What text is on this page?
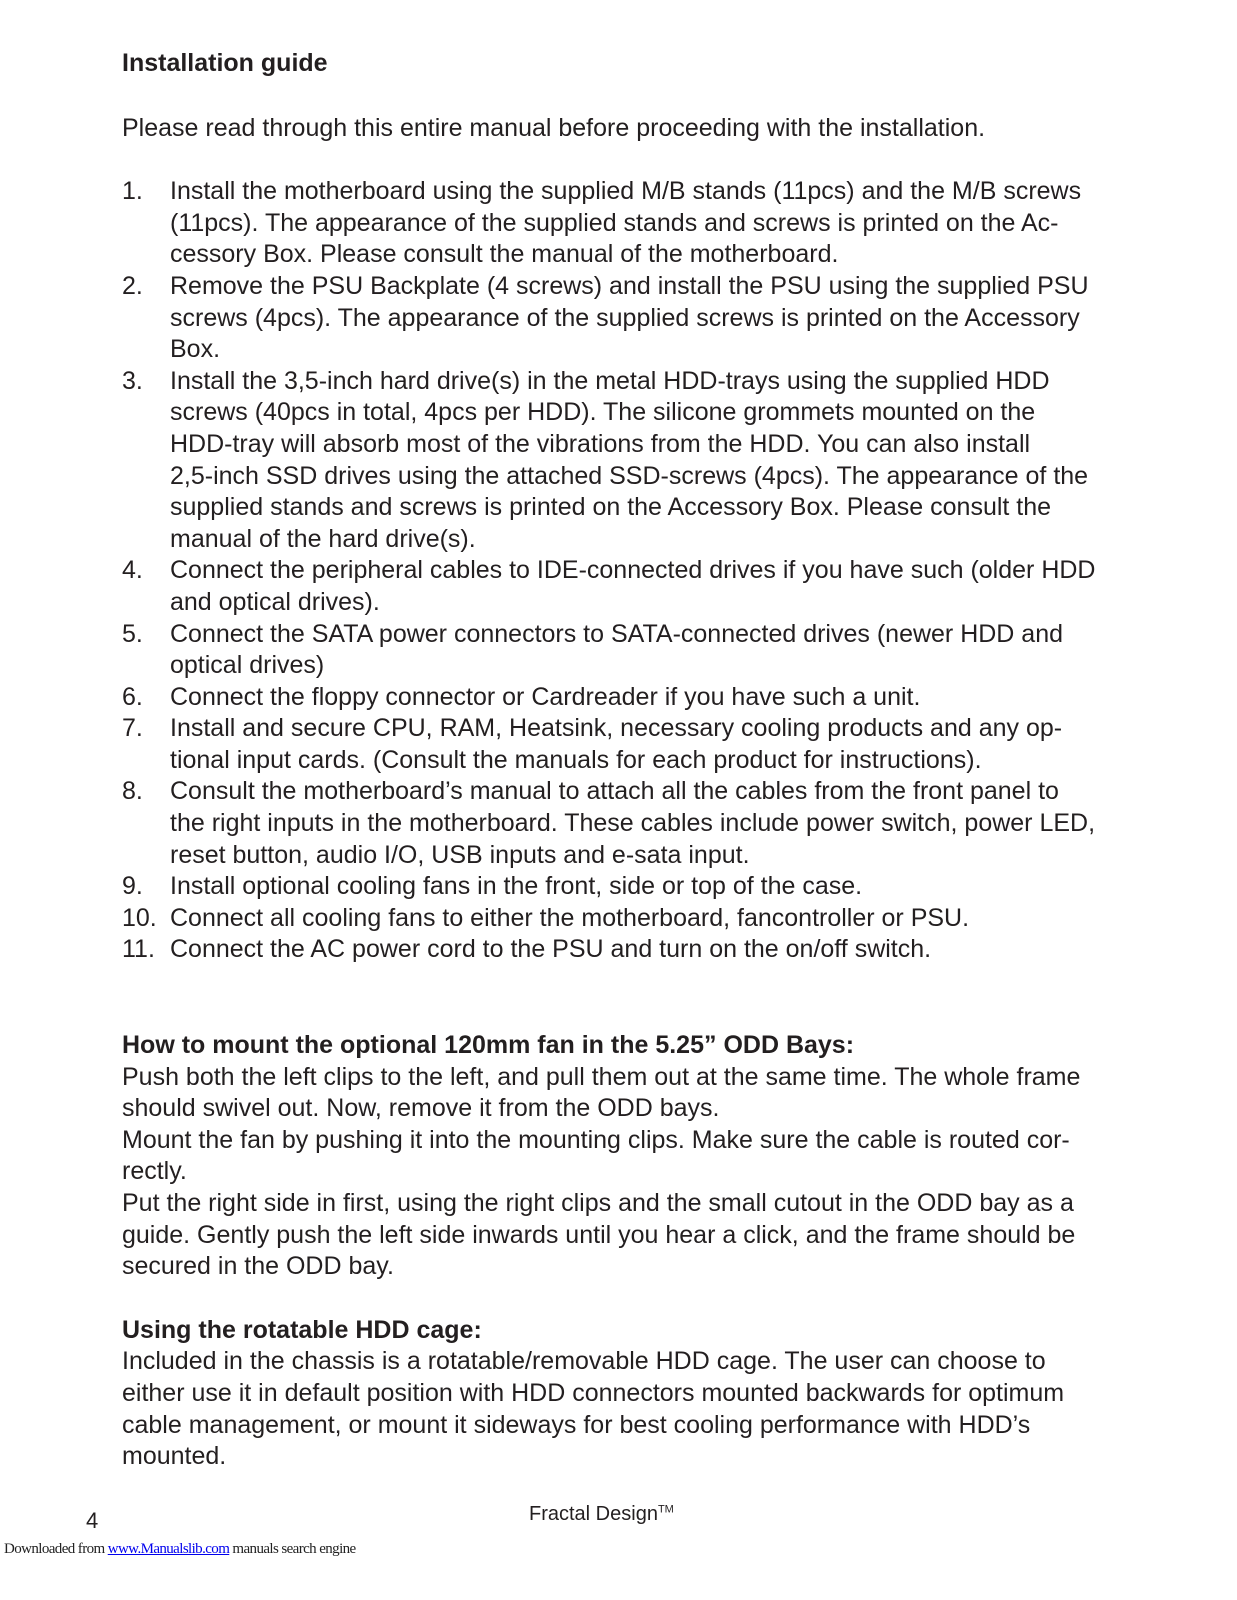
Installation guide

Please read through this entire manual before proceeding with the installation.

1. Install the motherboard using the supplied M/B stands (11pcs) and the M/B screws
(11pcs). The appearance of the supplied stands and screws is printed on the Ac-
cessory Box. Please consult the manual of the motherboard.
2. Remove the PSU Backplate (4 screws) and install the PSU using the supplied PSU
screws (4pcs). The appearance of the supplied screws is printed on the Accessory
Box.
3. Install the 3,5-inch hard drive(s) in the metal HDD-trays using the supplied HDD
screws (40pcs in total, 4pcs per HDD). The silicone grommets mounted on the
HDD-tray will absorb most of the vibrations from the HDD. You can also install
2,5-inch SSD drives using the attached SSD-screws (4pcs). The appearance of the
supplied stands and screws is printed on the Accessory Box. Please consult the
manual of the hard drive(s).
4. Connect the peripheral cables to IDE-connected drives if you have such (older HDD
and optical drives).
5. Connect the SATA power connectors to SATA-connected drives (newer HDD and
optical drives)
6. Connect the floppy connector or Cardreader if you have such a unit.
7. Install and secure CPU, RAM, Heatsink, necessary cooling products and any op-
tional input cards. (Consult the manuals for each product for instructions).
8. Consult the motherboard’s manual to attach all the cables from the front panel to
the right inputs in the motherboard. These cables include power switch, power LED,
reset button, audio I/O, USB inputs and e-sata input.
9. Install optional cooling fans in the front, side or top of the case.
10. Connect all cooling fans to either the motherboard, fancontroller or PSU.
11. Connect the AC power cord to the PSU and turn on the on/off switch.

How to mount the optional 120mm fan in the 5.25” ODD Bays:

Push both the left clips to the left, and pull them out at the same time. The whole frame
should swivel out. Now, remove it from the ODD bays.
Mount the fan by pushing it into the mounting clips. Make sure the cable is routed cor-
rectly.
Put the right side in first, using the right clips and the small cutout in the ODD bay as a
guide. Gently push the left side inwards until you hear a click, and the frame should be
secured in the ODD bay.

Using the rotatable HDD cage:

Included in the chassis is a rotatable/removable HDD cage. The user can choose to
either use it in default position with HDD connectors mounted backwards for optimum
cable management, or mount it sideways for best cooling performance with HDD’s
mounted.
4	Fractal Design™
Downloaded from www.Manualslib.com manuals search engine
